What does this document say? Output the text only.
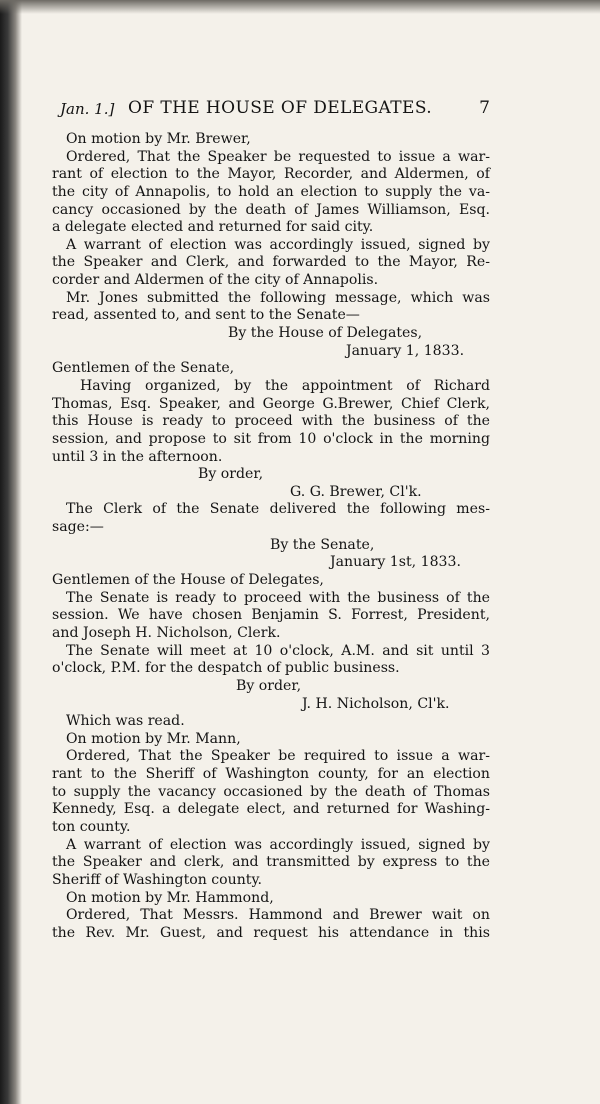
Jan. 1.] OF THE HOUSE OF DELEGATES.	7
On motion by Mr. Brewer,
Ordered, That the Speaker be requested to issue a war-
rant of election to the Mayor, Recorder, and Aldermen, of
the city of Annapolis, to hold an election to supply the va-
cancy occasioned by the death of James Williamson, Esq.
a delegate elected and returned for said city.
A warrant of election was accordingly issued, signed by
the Speaker and Clerk, and forwarded to the Mayor, Re-
corder and Aldermen of the city of Annapolis.
Mr. Jones submitted the following message, which was
read, assented to, and sent to the Senate—
By the House of Delegates,
January 1, 1833.
Gentlemen of the Senate,
Having organized, by the appointment of Richard
Thomas, Esq. Speaker, and George G.Brewer, Chief Clerk,
this House is ready to proceed with the business of the
session, and propose to sit from 10 o'clock in the morning
until 3 in the afternoon.
By order,
G. G. Brewer, Cl'k.
The Clerk of the Senate delivered the following mes-
sage:—
By the Senate,
January 1st, 1833.
Gentlemen of the House of Delegates,
The Senate is ready to proceed with the business of the
session. We have chosen Benjamin S. Forrest, President,
and Joseph H. Nicholson, Clerk.
The Senate will meet at 10 o'clock, A.M. and sit until 3
o'clock, P.M. for the despatch of public business.
By order,
J. H. Nicholson, Cl'k.
Which was read.
On motion by Mr. Mann,
Ordered, That the Speaker be required to issue a war-
rant to the Sheriff of Washington county, for an election
to supply the vacancy occasioned by the death of Thomas
Kennedy, Esq. a delegate elect, and returned for Washing-
ton county.
A warrant of election was accordingly issued, signed by
the Speaker and clerk, and transmitted by express to the
Sheriff of Washington county.
On motion by Mr. Hammond,
Ordered, That Messrs. Hammond and Brewer wait on
the Rev. Mr. Guest, and request his attendance in this
